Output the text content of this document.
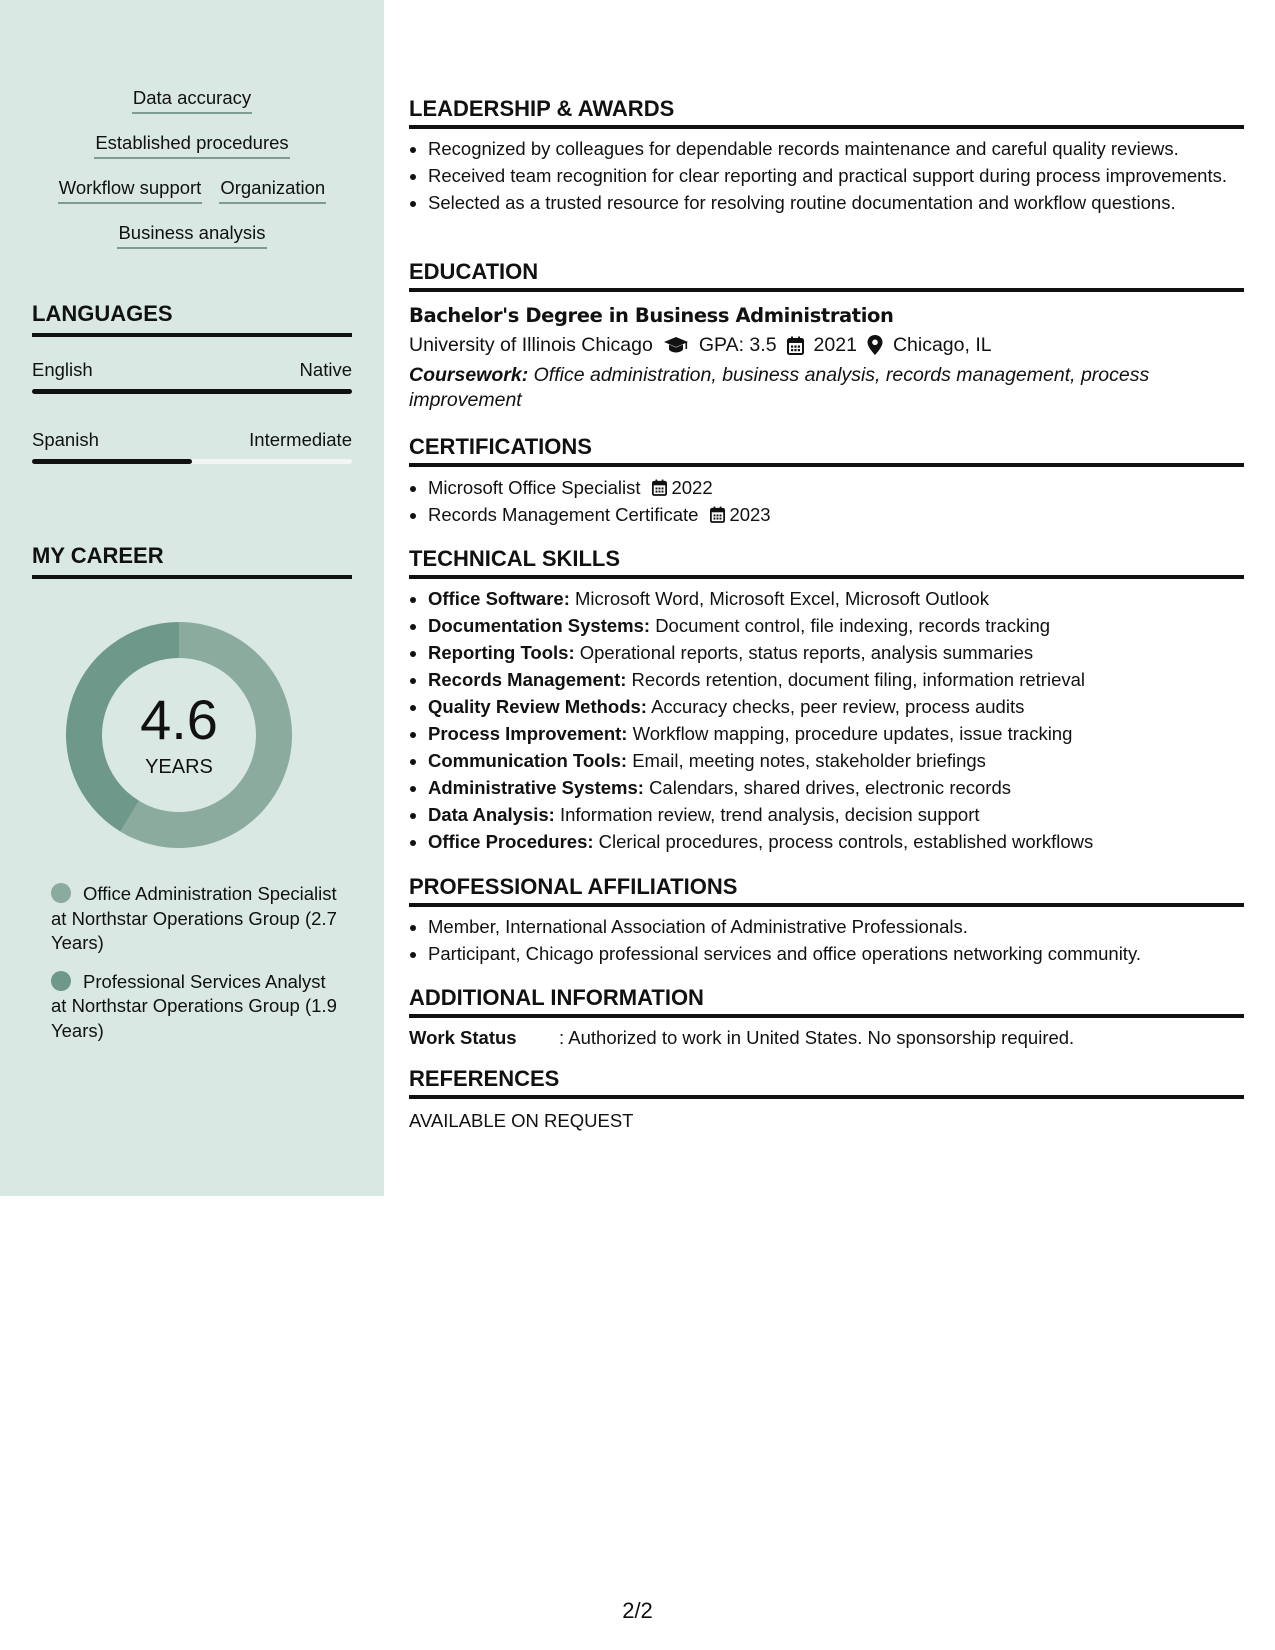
Data accuracy
Established procedures
Workflow support Organization
Business analysis
LANGUAGES
English	Native
Spanish	Intermediate
MY CAREER
4.6
YEARS
Office Administration Specialist at Northstar Operations Group (2.7 Years)
Professional Services Analyst at Northstar Operations Group (1.9 Years)
LEADERSHIP & AWARDS
• Recognized by colleagues for dependable records maintenance and careful quality reviews.
• Received team recognition for clear reporting and practical support during process improvements.
• Selected as a trusted resource for resolving routine documentation and workflow questions.
EDUCATION
Bachelor's Degree in Business Administration
University of Illinois Chicago GPA: 3.5 2021 Chicago, IL
Coursework: Office administration, business analysis, records management, process improvement
CERTIFICATIONS
• Microsoft Office Specialist 2022
• Records Management Certificate 2023
TECHNICAL SKILLS
• Office Software: Microsoft Word, Microsoft Excel, Microsoft Outlook
• Documentation Systems: Document control, file indexing, records tracking
• Reporting Tools: Operational reports, status reports, analysis summaries
• Records Management: Records retention, document filing, information retrieval
• Quality Review Methods: Accuracy checks, peer review, process audits
• Process Improvement: Workflow mapping, procedure updates, issue tracking
• Communication Tools: Email, meeting notes, stakeholder briefings
• Administrative Systems: Calendars, shared drives, electronic records
• Data Analysis: Information review, trend analysis, decision support
• Office Procedures: Clerical procedures, process controls, established workflows
PROFESSIONAL AFFILIATIONS
• Member, International Association of Administrative Professionals.
• Participant, Chicago professional services and office operations networking community.
ADDITIONAL INFORMATION
Work Status	: Authorized to work in United States. No sponsorship required.
REFERENCES
AVAILABLE ON REQUEST
2/2
